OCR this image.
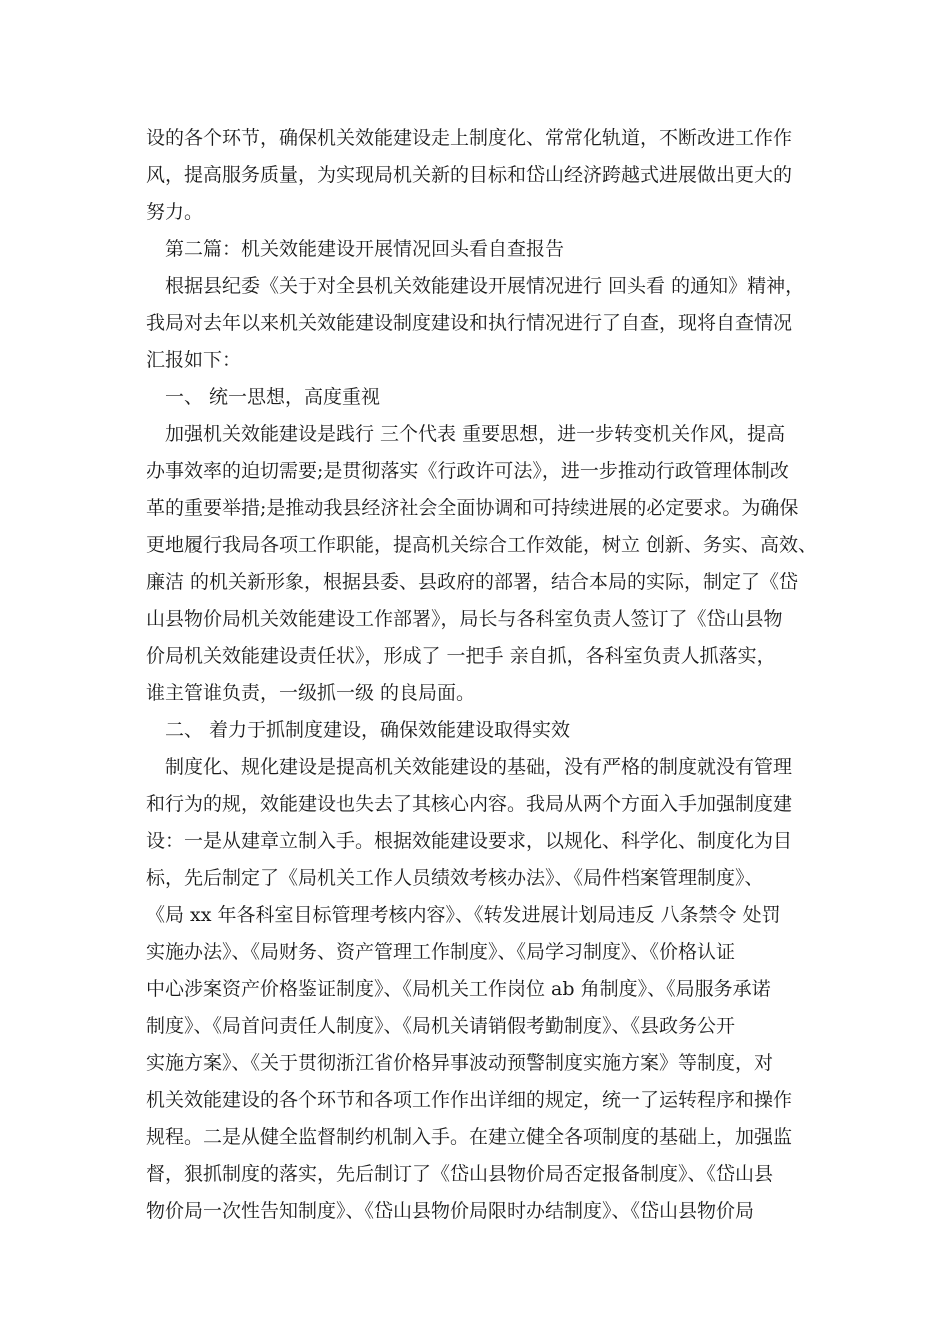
设的各个环节，确保机关效能建设走上制度化、常常化轨道，不断改进工作作
风，提高服务质量，为实现局机关新的目标和岱山经济跨越式进展做出更大的
努力。
第二篇：机关效能建设开展情况回头看自查报告
根据县纪委《关于对全县机关效能建设开展情况进行 回头看 的通知》精神，
我局对去年以来机关效能建设制度建设和执行情况进行了自查，现将自查情况
汇报如下：
一、 统一思想，高度重视
加强机关效能建设是践行 三个代表 重要思想，进一步转变机关作风，提高
办事效率的迫切需要;是贯彻落实《行政许可法》，进一步推动行政管理体制改
革的重要举措;是推动我县经济社会全面协调和可持续进展的必定要求。为确保
更地履行我局各项工作职能，提高机关综合工作效能，树立 创新、务实、高效、
廉洁 的机关新形象，根据县委、县政府的部署，结合本局的实际，制定了《岱
山县物价局机关效能建设工作部署》，局长与各科室负责人签订了《岱山县物
价局机关效能建设责任状》，形成了 一把手 亲自抓，各科室负责人抓落实，
谁主管谁负责，一级抓一级 的良局面。
二、 着力于抓制度建设，确保效能建设取得实效
制度化、规化建设是提高机关效能建设的基础，没有严格的制度就没有管理
和行为的规，效能建设也失去了其核心内容。我局从两个方面入手加强制度建
设：一是从建章立制入手。根据效能建设要求，以规化、科学化、制度化为目
标，先后制定了《局机关工作人员绩效考核办法》、《局件档案管理制度》、
《局 xx 年各科室目标管理考核内容》、《转发进展计划局违反 八条禁令 处罚
实施办法》、《局财务、资产管理工作制度》、《局学习制度》、《价格认证
中心涉案资产价格鉴证制度》、《局机关工作岗位 ab 角制度》、《局服务承诺
制度》、《局首问责任人制度》、《局机关请销假考勤制度》、《县政务公开
实施方案》、《关于贯彻浙江省价格异事波动预警制度实施方案》等制度，对
机关效能建设的各个环节和各项工作作出详细的规定，统一了运转程序和操作
规程。二是从健全监督制约机制入手。在建立健全各项制度的基础上，加强监
督，狠抓制度的落实，先后制订了《岱山县物价局否定报备制度》、《岱山县
物价局一次性告知制度》、《岱山县物价局限时办结制度》、《岱山县物价局
